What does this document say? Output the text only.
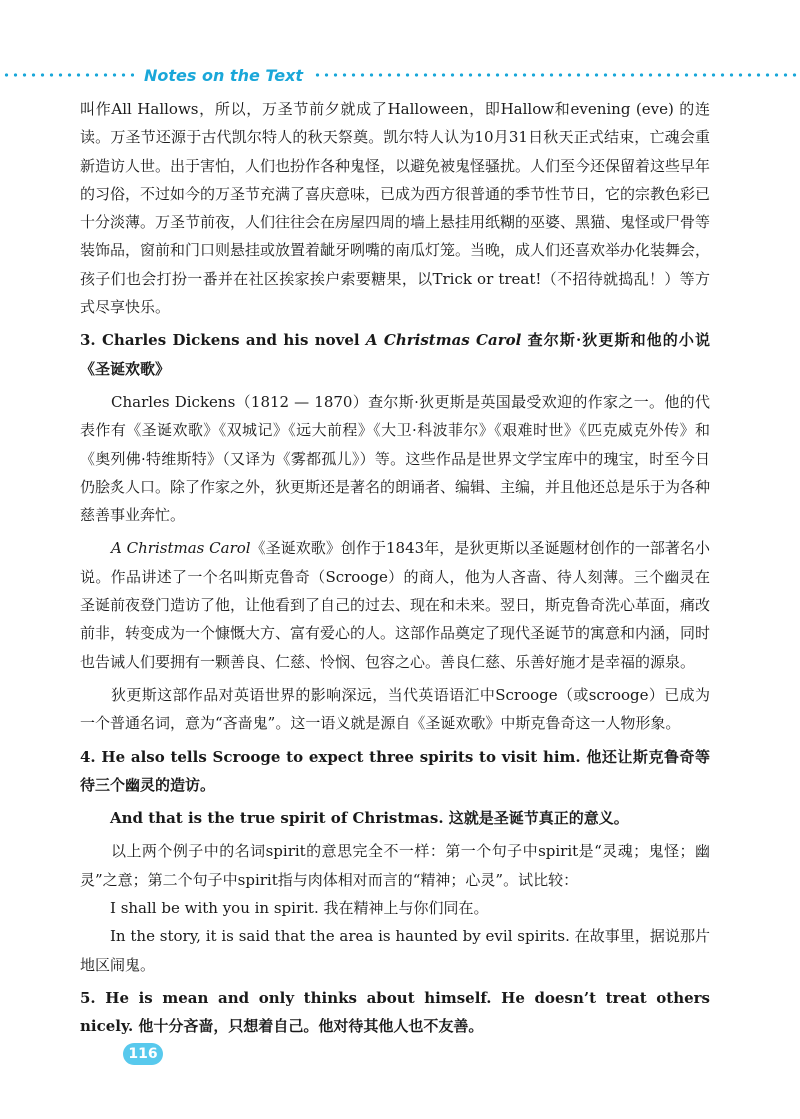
Notes on the Text

叫作All Hallows，所以，万圣节前夕就成了Halloween，即Hallow和evening (eve) 的连读。万圣节还源于古代凯尔特人的秋天祭奠。凯尔特人认为10月31日秋天正式结束，亡魂会重新造访人世。出于害怕，人们也扮作各种鬼怪，以避免被鬼怪骚扰。人们至今还保留着这些早年的习俗，不过如今的万圣节充满了喜庆意味，已成为西方很普通的季节性节日，它的宗教色彩已十分淡薄。万圣节前夜，人们往往会在房屋四周的墙上悬挂用纸糊的巫婆、黑猫、鬼怪或尸骨等装饰品，窗前和门口则悬挂或放置着龇牙咧嘴的南瓜灯笼。当晚，成人们还喜欢举办化装舞会，孩子们也会打扮一番并在社区挨家挨户索要糖果，以Trick or treat!（不招待就捣乱！）等方式尽享快乐。

3. Charles Dickens and his novel A Christmas Carol 查尔斯·狄更斯和他的小说《圣诞欢歌》

Charles Dickens（1812 — 1870）查尔斯·狄更斯是英国最受欢迎的作家之一。他的代表作有《圣诞欢歌》《双城记》《远大前程》《大卫·科波菲尔》《艰难时世》《匹克威克外传》和《奥列佛·特维斯特》（又译为《雾都孤儿》）等。这些作品是世界文学宝库中的瑰宝，时至今日仍脍炙人口。除了作家之外，狄更斯还是著名的朗诵者、编辑、主编，并且他还总是乐于为各种慈善事业奔忙。

A Christmas Carol《圣诞欢歌》创作于1843年，是狄更斯以圣诞题材创作的一部著名小说。作品讲述了一个名叫斯克鲁奇（Scrooge）的商人，他为人吝啬、待人刻薄。三个幽灵在圣诞前夜登门造访了他，让他看到了自己的过去、现在和未来。翌日，斯克鲁奇洗心革面，痛改前非，转变成为一个慷慨大方、富有爱心的人。这部作品奠定了现代圣诞节的寓意和内涵，同时也告诫人们要拥有一颗善良、仁慈、怜悯、包容之心。善良仁慈、乐善好施才是幸福的源泉。

狄更斯这部作品对英语世界的影响深远，当代英语语汇中Scrooge（或scrooge）已成为一个普通名词，意为“吝啬鬼”。这一语义就是源自《圣诞欢歌》中斯克鲁奇这一人物形象。

4. He also tells Scrooge to expect three spirits to visit him. 他还让斯克鲁奇等待三个幽灵的造访。

And that is the true spirit of Christmas. 这就是圣诞节真正的意义。

以上两个例子中的名词spirit的意思完全不一样：第一个句子中spirit是“灵魂；鬼怪；幽灵”之意；第二个句子中spirit指与肉体相对而言的“精神；心灵”。试比较：

I shall be with you in spirit. 我在精神上与你们同在。

In the story, it is said that the area is haunted by evil spirits. 在故事里，据说那片地区闹鬼。

5. He is mean and only thinks about himself. He doesn’t treat others nicely. 他十分吝啬，只想着自己。他对待其他人也不友善。

116
